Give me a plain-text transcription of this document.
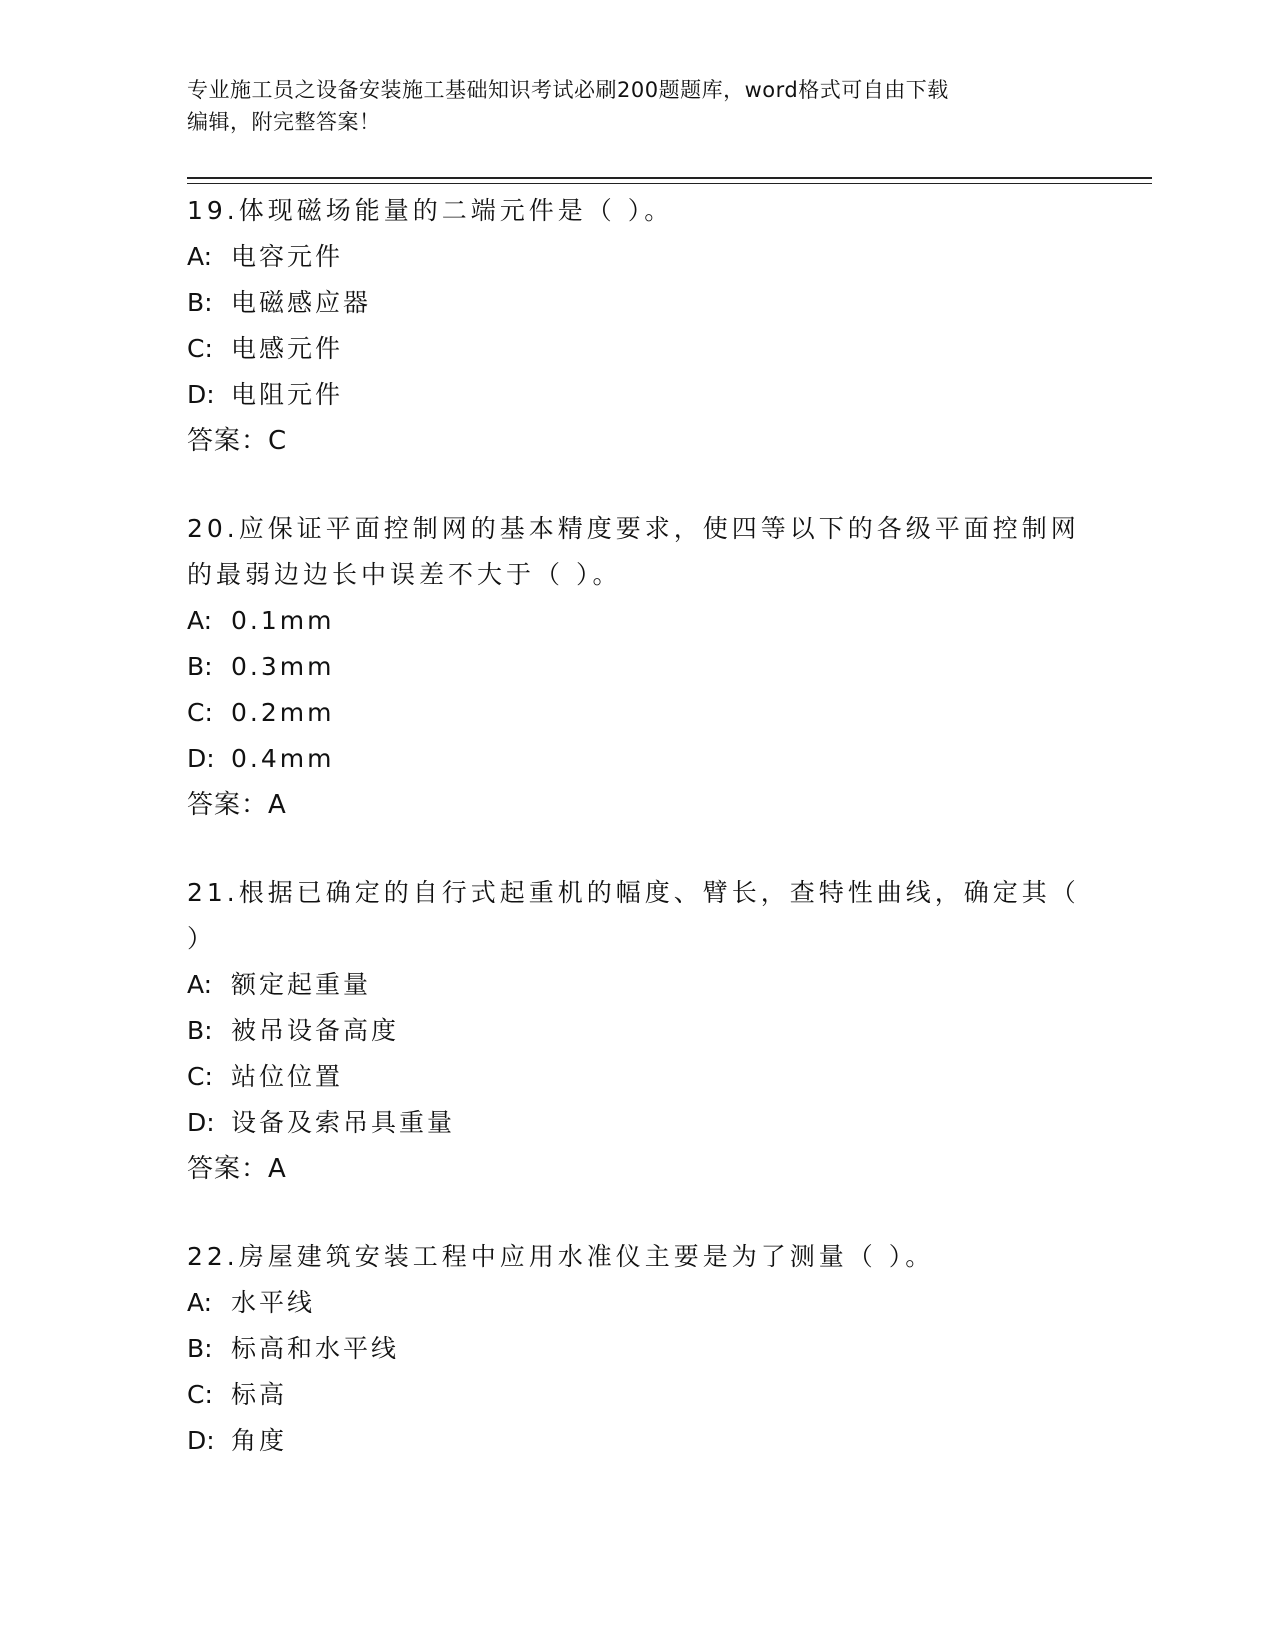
专业施工员之设备安装施工基础知识考试必刷200题题库，word格式可自由下载
编辑，附完整答案！

19.体现磁场能量的二端元件是（ ）。

A: 电容元件

B: 电磁感应器

C: 电感元件

D: 电阻元件

答案：C

20.应保证平面控制网的基本精度要求，使四等以下的各级平面控制网的最弱边边长中误差不大于（ ）。

A: 0.1mm

B: 0.3mm

C: 0.2mm

D: 0.4mm

答案：A

21.根据已确定的自行式起重机的幅度、臂长，查特性曲线，确定其（ ）

A: 额定起重量

B: 被吊设备高度

C: 站位位置

D: 设备及索吊具重量

答案：A

22.房屋建筑安装工程中应用水准仪主要是为了测量（ ）。

A: 水平线

B: 标高和水平线

C: 标高

D: 角度
